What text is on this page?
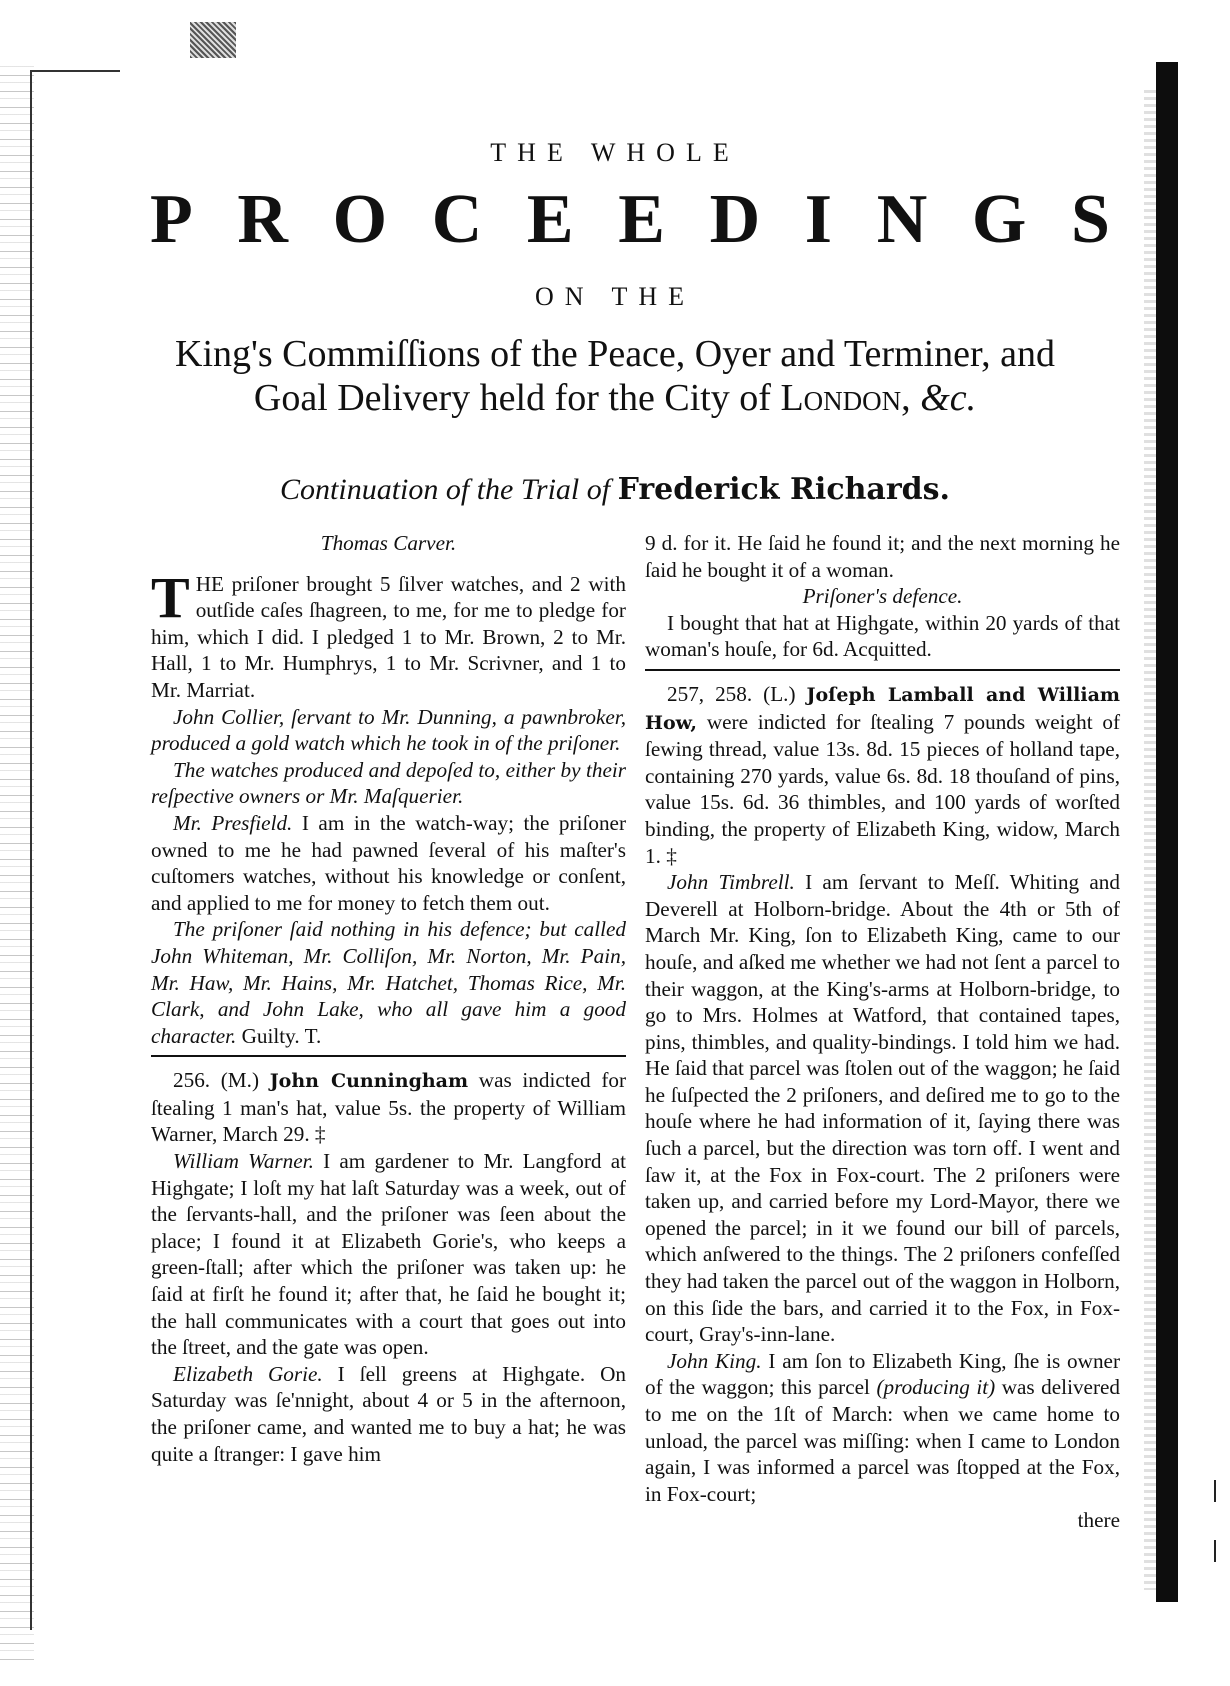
THE WHOLE
P R O C E E D I N G S
ON THE
King's Commiſſions of the Peace, Oyer and Terminer, and
Goal Delivery held for the City of London, &c.
Continuation of the Trial of Frederick Richards.

Thomas Carver.

THE priſoner brought 5 ſilver watches, and 2 with outſide caſes ſhagreen, to me, for me to pledge for him, which I did. I pledged 1 to Mr. Brown, 2 to Mr. Hall, 1 to Mr. Humphrys, 1 to Mr. Scrivner, and 1 to Mr. Marriat.

John Collier, ſervant to Mr. Dunning, a pawnbroker, produced a gold watch which he took in of the priſoner.

The watches produced and depoſed to, either by their reſpective owners or Mr. Maſquerier.

Mr. Presfield. I am in the watch-way; the priſoner owned to me he had pawned ſeveral of his maſter's cuſtomers watches, without his knowledge or conſent, and applied to me for money to fetch them out.

The priſoner ſaid nothing in his defence; but called John Whiteman, Mr. Colliſon, Mr. Norton, Mr. Pain, Mr. Haw, Mr. Hains, Mr. Hatchet, Thomas Rice, Mr. Clark, and John Lake, who all gave him a good character. Guilty. T.

256. (M.) John Cunningham was indicted for ſtealing 1 man's hat, value 5s. the property of William Warner, March 29. ‡

William Warner. I am gardener to Mr. Langford at Highgate; I loſt my hat laſt Saturday was a week, out of the ſervants-hall, and the priſoner was ſeen about the place; I found it at Elizabeth Gorie's, who keeps a green-ſtall; after which the priſoner was taken up: he ſaid at firſt he found it; after that, he ſaid he bought it; the hall communicates with a court that goes out into the ſtreet, and the gate was open.

Elizabeth Gorie. I ſell greens at Highgate. On Saturday was ſe'nnight, about 4 or 5 in the afternoon, the priſoner came, and wanted me to buy a hat; he was quite a ſtranger: I gave him

9 d. for it. He ſaid he found it; and the next morning he ſaid he bought it of a woman.

Priſoner's defence.

I bought that hat at Highgate, within 20 yards of that woman's houſe, for 6d. Acquitted.

257, 258. (L.) Joſeph Lamball and William How, were indicted for ſtealing 7 pounds weight of ſewing thread, value 13s. 8d. 15 pieces of holland tape, containing 270 yards, value 6s. 8d. 18 thouſand of pins, value 15s. 6d. 36 thimbles, and 100 yards of worſted binding, the property of Elizabeth King, widow, March 1. ‡

John Timbrell. I am ſervant to Meſſ. Whiting and Deverell at Holborn-bridge. About the 4th or 5th of March Mr. King, ſon to Elizabeth King, came to our houſe, and aſked me whether we had not ſent a parcel to their waggon, at the King's-arms at Holborn-bridge, to go to Mrs. Holmes at Watford, that contained tapes, pins, thimbles, and quality-bindings. I told him we had. He ſaid that parcel was ſtolen out of the waggon; he ſaid he ſuſpected the 2 priſoners, and deſired me to go to the houſe where he had information of it, ſaying there was ſuch a parcel, but the direction was torn off. I went and ſaw it, at the Fox in Fox-court. The 2 priſoners were taken up, and carried before my Lord-Mayor, there we opened the parcel; in it we found our bill of parcels, which anſwered to the things. The 2 priſoners confeſſed they had taken the parcel out of the waggon in Holborn, on this ſide the bars, and carried it to the Fox, in Fox-court, Gray's-inn-lane.

John King. I am ſon to Elizabeth King, ſhe is owner of the waggon; this parcel (producing it) was delivered to me on the 1ſt of March: when we came home to unload, the parcel was miſſing: when I came to London again, I was informed a parcel was ſtopped at the Fox, in Fox-court;

there
